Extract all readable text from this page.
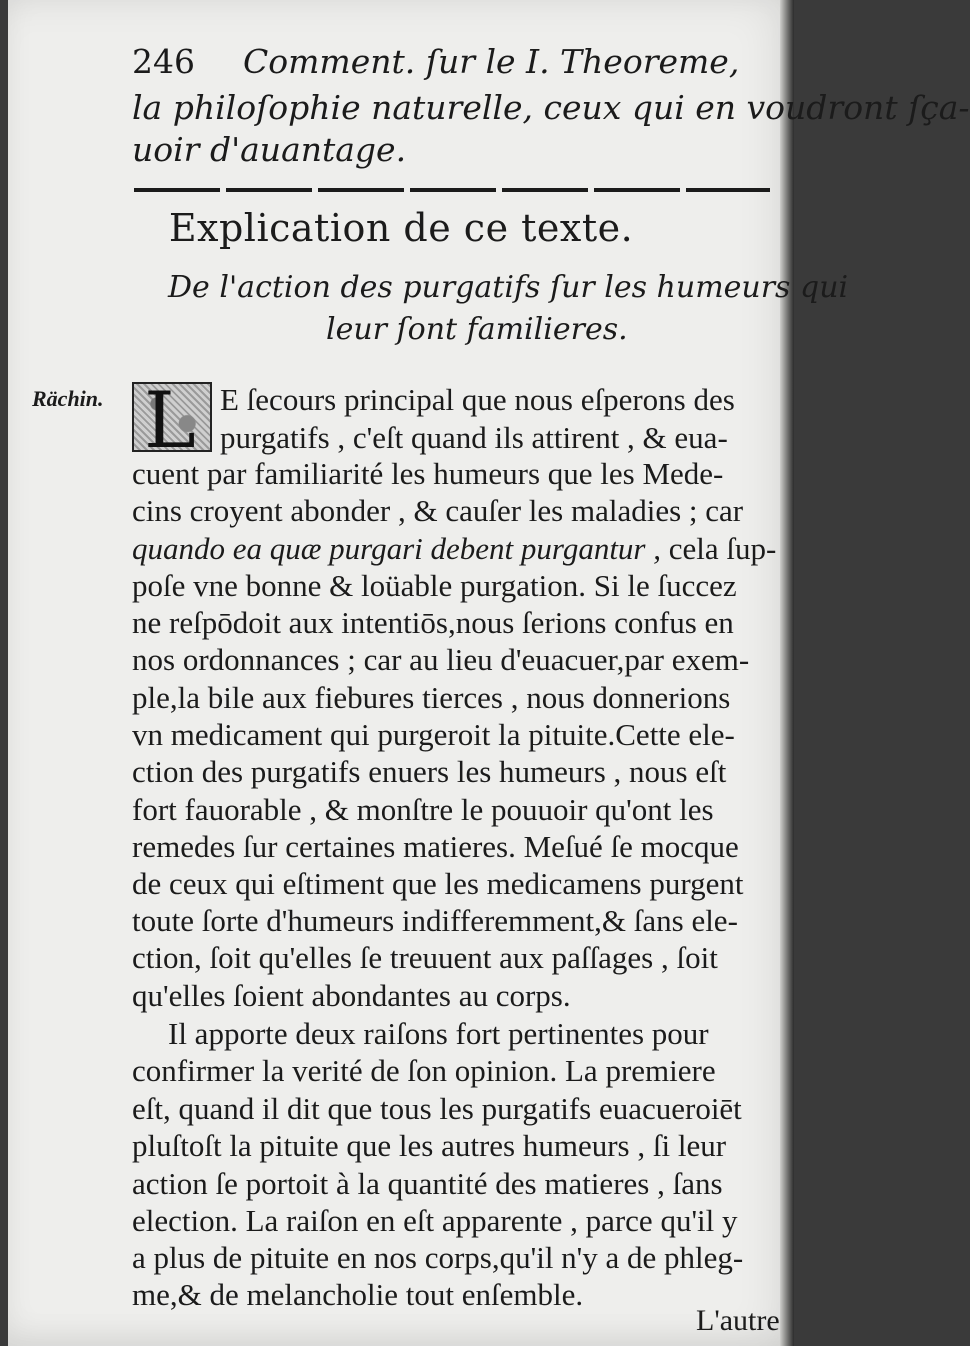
246 Comment. ſur le I. Theoreme,
la philoſophie naturelle, ceux qui en voudront ſça-
uoir d'auantage.
Explication de ce texte.
De l'action des purgatifs ſur les humeurs qui
leur ſont familieres.
Rächin. L E ſecours principal que nous eſperons des
purgatifs , c'eſt quand ils attirent , & eua-
cuent par familiarité les humeurs que les Mede-
cins croyent abonder , & cauſer les maladies ; car
quando ea quæ purgari debent purgantur , cela ſup-
poſe vne bonne & loüable purgation. Si le ſuccez
ne reſpōdoit aux intentiōs,nous ſerions confus en
nos ordonnances ; car au lieu d'euacuer,par exem-
ple,la bile aux fiebures tierces , nous donnerions
vn medicament qui purgeroit la pituite.Cette ele-
ction des purgatifs enuers les humeurs , nous eſt
fort fauorable , & monſtre le pouuoir qu'ont les
remedes ſur certaines matieres. Meſué ſe mocque
de ceux qui eſtiment que les medicamens purgent
toute ſorte d'humeurs indifferemment,& ſans ele-
ction, ſoit qu'elles ſe treuuent aux paſſages , ſoit
qu'elles ſoient abondantes au corps.
Il apporte deux raiſons fort pertinentes pour
confirmer la verité de ſon opinion. La premiere
eſt, quand il dit que tous les purgatifs euacueroiēt
pluſtoſt la pituite que les autres humeurs , ſi leur
action ſe portoit à la quantité des matieres , ſans
election. La raiſon en eſt apparente , parce qu'il y
a plus de pituite en nos corps,qu'il n'y a de phleg-
me,& de melancholie tout enſemble.
L'autre
